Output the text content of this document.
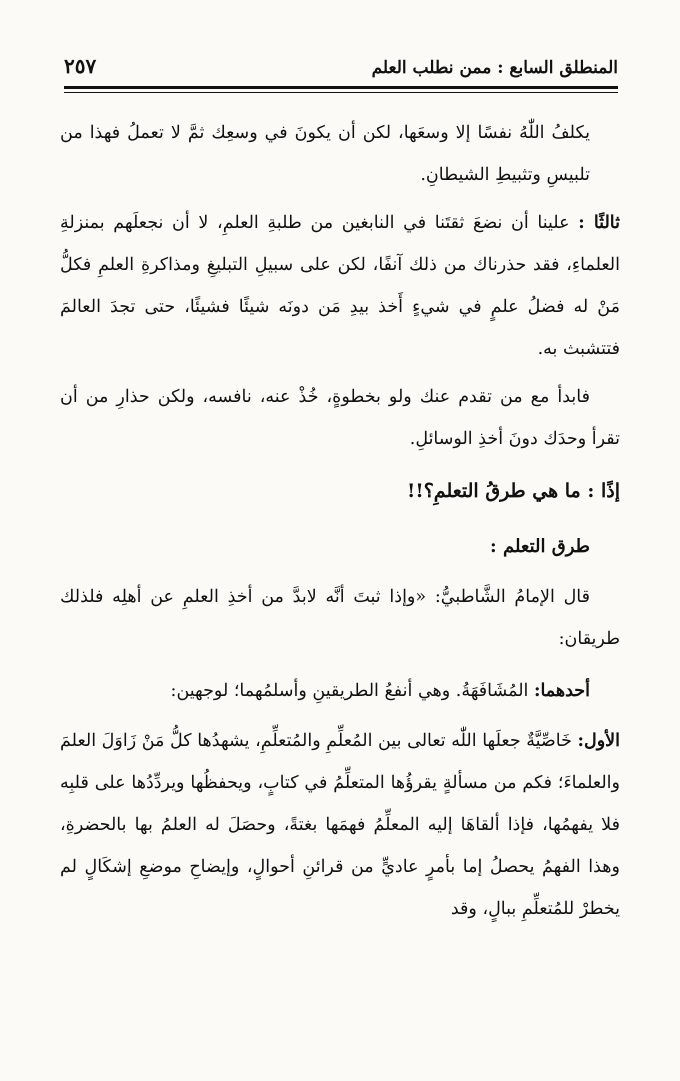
المنطلق السابع : ممن نطلب العلم
٢٥٧

يكلفُ اللّٰهُ نفسًا إلا وسعَها، لكن أن يكونَ في وسعِك ثمَّ لا تعملُ فهذا من تلبيسِ وتثبيطِ الشيطانِ.

ثالثًا : علينا أن نضعَ ثقتَنا في النابغين من طلبةِ العلمِ، لا أن نجعلَهم بمنزلةِ العلماءِ، فقد حذرناك من ذلك آنفًا، لكن على سبيلِ التبليغِ ومذاكرةِ العلمِ فكلُّ مَنْ له فضلُ علمٍ في شيءٍ أَخذ بيدِ مَن دونَه شيئًا فشيئًا، حتى تجدَ العالمَ فتتشبث به.

فابدأ مع من تقدم عنك ولو بخطوةٍ، خُذْ عنه، نافسه، ولكن حذارِ من أن تقرأ وحدَك دونَ أخذِ الوسائلِ.

إذًا : ما هي طرقُ التعلمِ؟!!

طرق التعلم :

قال الإمامُ الشَّاطبيُّ: «وإذا ثبتَ أنَّه لابدَّ من أخذِ العلمِ عن أهلِه فلذلك طريقان:

أحدهما: المُشَافَهَةُ. وهي أنفعُ الطريقينِ وأسلمُهما؛ لوجهين:

الأول: خَاصِّيَّةٌ جعلَها اللّٰه تعالى بين المُعلِّمِ والمُتعلِّمِ، يشهدُها كلُّ مَنْ زَاوَلَ العلمَ والعلماءَ؛ فكم من مسألةٍ يقرؤُها المتعلِّمُ في كتابٍ، ويحفظُها ويردِّدُها على قلبِه فلا يفهمُها، فإذا ألقاهَا إليه المعلِّمُ فهمَها بغتةً، وحصَلَ له العلمُ بها بالحضرةِ، وهذا الفهمُ يحصلُ إما بأمرٍ عاديٍّ من قرائنِ أحوالٍ، وإيضاحِ موضعِ إشكَالٍ لم يخطرْ للمُتعلِّمِ ببالٍ، وقد
